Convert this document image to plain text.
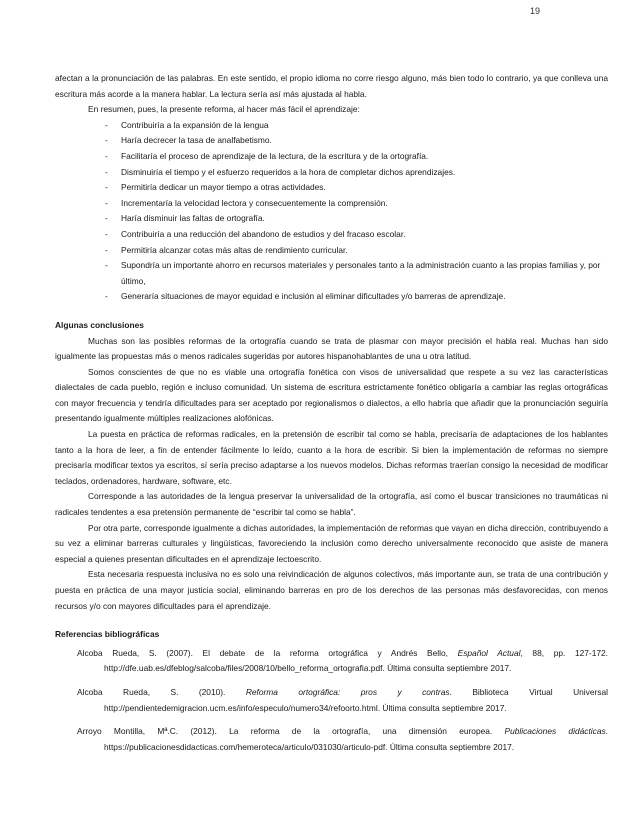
19

afectan a la pronunciación de las palabras. En este sentido, el propio idioma no corre riesgo alguno, más bien todo lo contrario, ya que conlleva una escritura más acorde a la manera hablar. La lectura sería así más ajustada al habla.

En resumen, pues, la presente reforma, al hacer más fácil el aprendizaje:

- Contribuiría a la expansión de la lengua
- Haría decrecer la tasa de analfabetismo.
- Facilitaría el proceso de aprendizaje de la lectura, de la escritura y de la ortografía.
- Disminuiría el tiempo y el esfuerzo requeridos a la hora de completar dichos aprendizajes.
- Permitiría dedicar un mayor tiempo a otras actividades.
- Incrementaría la velocidad lectora y consecuentemente la comprensión.
- Haría disminuir las faltas de ortografía.
- Contribuiría a una reducción del abandono de estudios y del fracaso escolar.
- Permitiría alcanzar cotas más altas de rendimiento curricular.
- Supondría un importante ahorro en recursos materiales y personales tanto a la administración cuanto a las propias familias y, por último,
- Generaría situaciones de mayor equidad e inclusión al eliminar dificultades y/o barreras de aprendizaje.

Algunas conclusiones

Muchas son las posibles reformas de la ortografía cuando se trata de plasmar con mayor precisión el habla real. Muchas han sido igualmente las propuestas más o menos radicales sugeridas por autores hispanohablantes de una u otra latitud.

Somos conscientes de que no es viable una ortografía fonética con visos de universalidad que respete a su vez las características dialectales de cada pueblo, región e incluso comunidad. Un sistema de escritura estrictamente fonético obligaría a cambiar las reglas ortográficas con mayor frecuencia y tendría dificultades para ser aceptado por regionalismos o dialectos, a ello habría que añadir que la pronunciación seguiría presentando igualmente múltiples realizaciones alofónicas.

La puesta en práctica de reformas radicales, en la pretensión de escribir tal como se habla, precisaría de adaptaciones de los hablantes tanto a la hora de leer, a fin de entender fácilmente lo leído, cuanto a la hora de escribir. Si bien la implementación de reformas no siempre precisaría modificar textos ya escritos, sí sería preciso adaptarse a los nuevos modelos. Dichas reformas traerían consigo la necesidad de modificar teclados, ordenadores, hardware, software, etc.

Corresponde a las autoridades de la lengua preservar la universalidad de la ortografía, así como el buscar transiciones no traumáticas ni radicales tendentes a esa pretensión permanente de “escribir tal como se habla”.

Por otra parte, corresponde igualmente a dichas autoridades, la implementación de reformas que vayan en dicha dirección, contribuyendo a su vez a eliminar barreras culturales y lingüísticas, favoreciendo la inclusión como derecho universalmente reconocido que asiste de manera especial a quienes presentan dificultades en el aprendizaje lectoescrito.

Esta necesaria respuesta inclusiva no es solo una reivindicación de algunos colectivos, más importante aun, se trata de una contribución y puesta en práctica de una mayor justicia social, eliminando barreras en pro de los derechos de las personas más desfavorecidas, con menos recursos y/o con mayores dificultades para el aprendizaje.

Referencias bibliográficas

Alcoba Rueda, S. (2007). El debate de la reforma ortográfica y Andrés Bello, Español Actual, 88, pp. 127-172. http://dfe.uab.es/dfeblog/salcoba/files/2008/10/bello_reforma_ortografia.pdf. Última consulta septiembre 2017.

Alcoba Rueda, S. (2010). Reforma ortográfica: pros y contras. Biblioteca Virtual Universal http://pendientedemigracion.ucm.es/info/especulo/numero34/refoorto.html. Última consulta septiembre 2017.

Arroyo Montilla, Mª.C. (2012). La reforma de la ortografía, una dimensión europea. Publicaciones didácticas. https://publicacionesdidacticas.com/hemeroteca/articulo/031030/articulo-pdf. Última consulta septiembre 2017.
